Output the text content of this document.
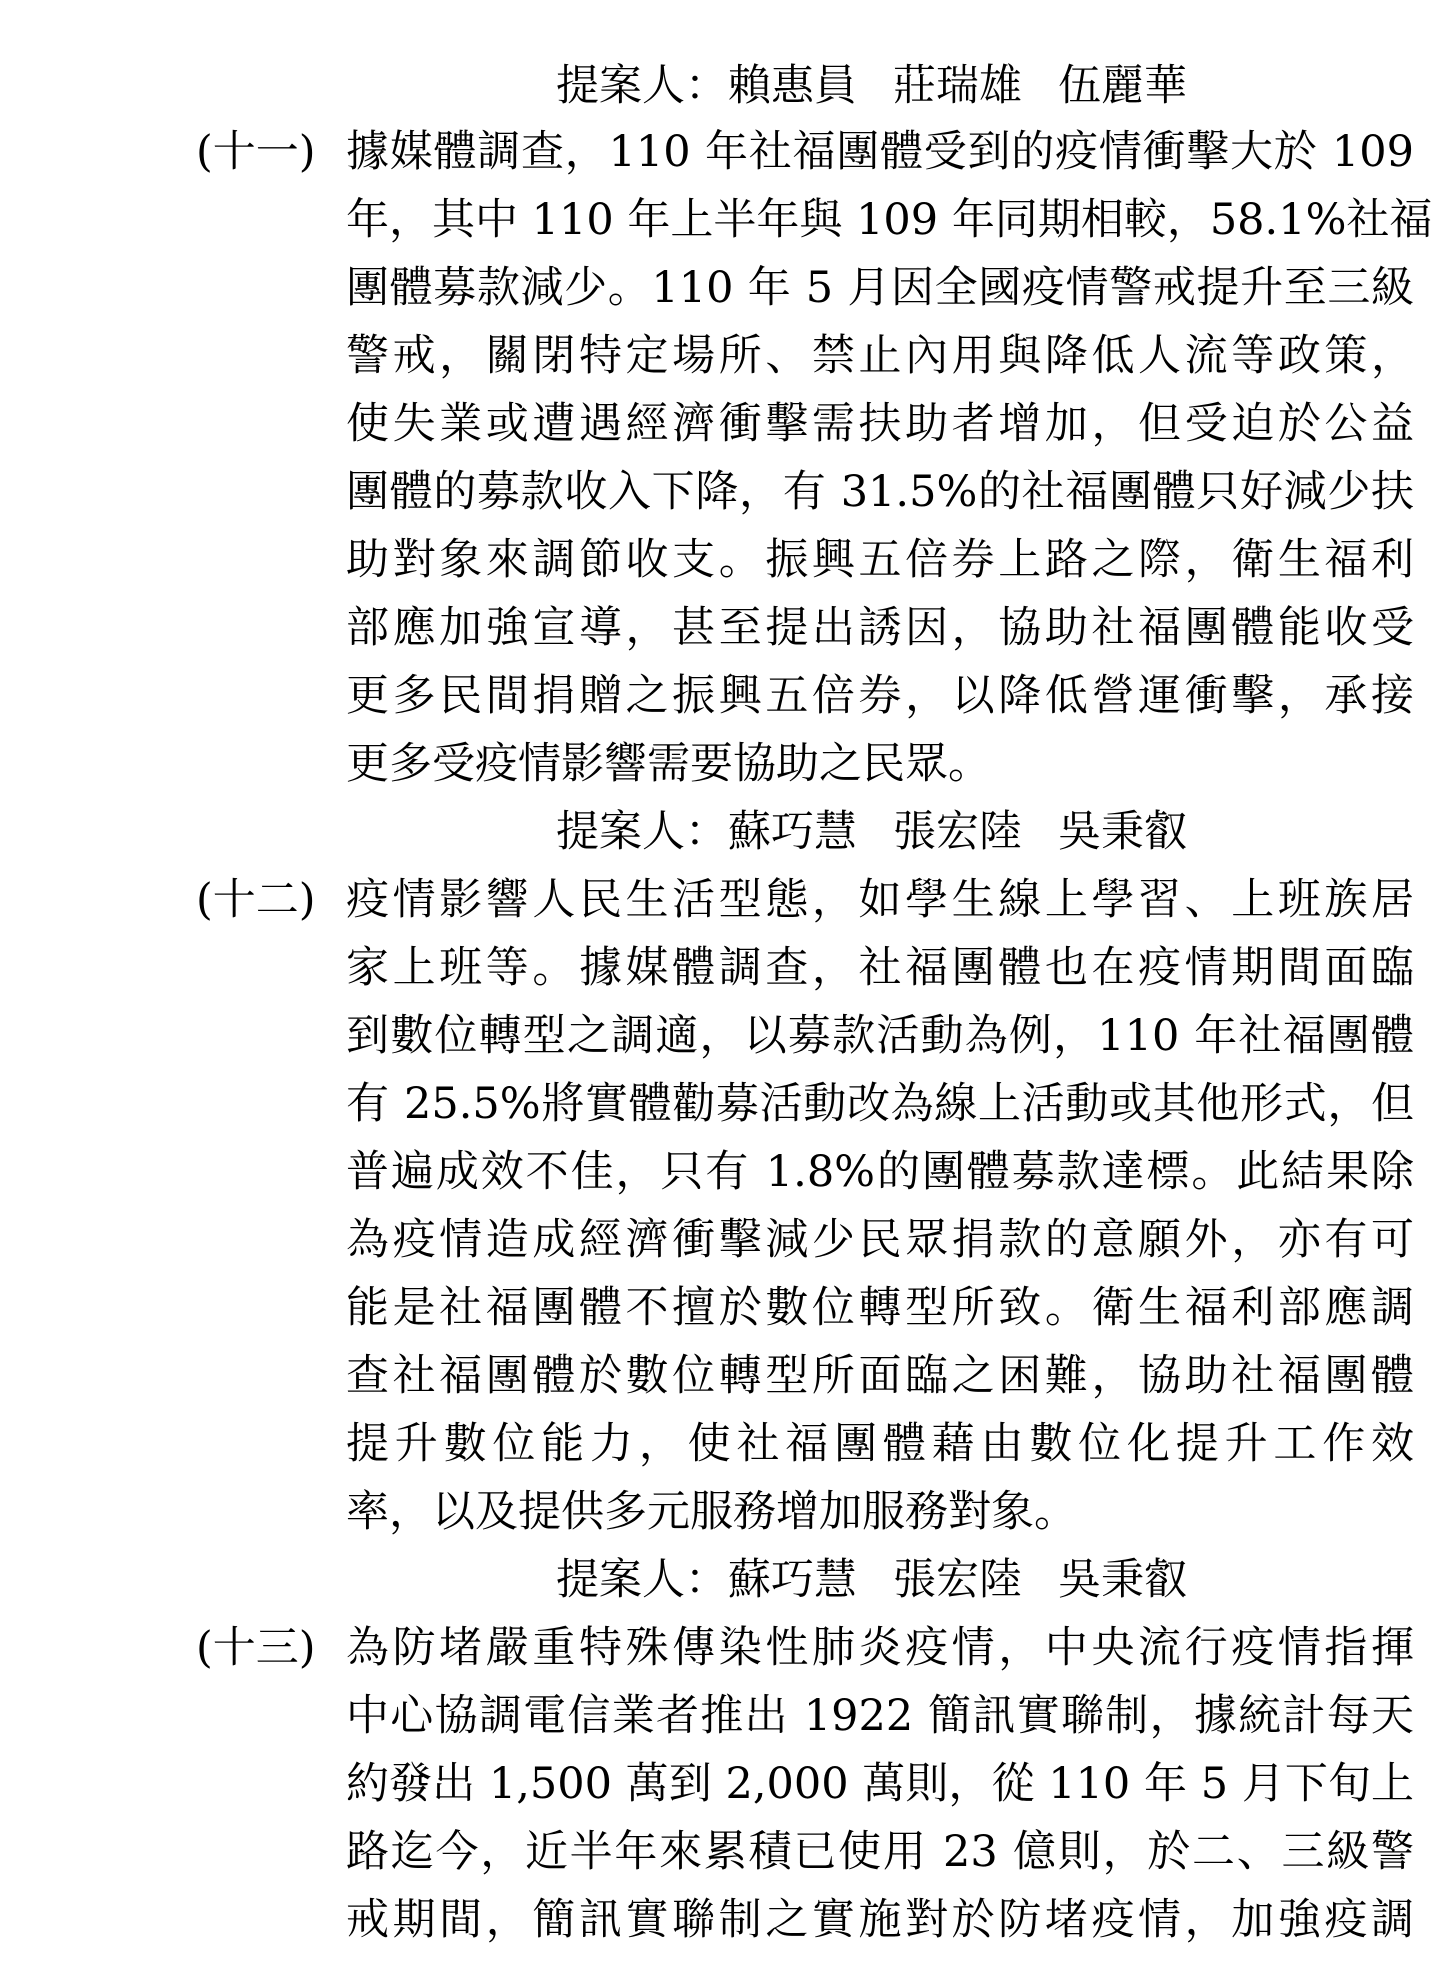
提案人：賴惠員 莊瑞雄 伍麗華
(十一) 據媒體調查，110 年社福團體受到的疫情衝擊大於 109
年，其中 110 年上半年與 109 年同期相較，58.1%社福
團體募款減少。110 年 5 月因全國疫情警戒提升至三級
警戒，關閉特定場所、禁止內用與降低人流等政策，
使失業或遭遇經濟衝擊需扶助者增加，但受迫於公益
團體的募款收入下降，有 31.5%的社福團體只好減少扶
助對象來調節收支。振興五倍券上路之際，衛生福利
部應加強宣導，甚至提出誘因，協助社福團體能收受
更多民間捐贈之振興五倍券，以降低營運衝擊，承接
更多受疫情影響需要協助之民眾。
提案人：蘇巧慧 張宏陸 吳秉叡
(十二) 疫情影響人民生活型態，如學生線上學習、上班族居
家上班等。據媒體調查，社福團體也在疫情期間面臨
到數位轉型之調適，以募款活動為例，110 年社福團體
有 25.5%將實體勸募活動改為線上活動或其他形式，但
普遍成效不佳，只有 1.8%的團體募款達標。此結果除
為疫情造成經濟衝擊減少民眾捐款的意願外，亦有可
能是社福團體不擅於數位轉型所致。衛生福利部應調
查社福團體於數位轉型所面臨之困難，協助社福團體
提升數位能力，使社福團體藉由數位化提升工作效
率，以及提供多元服務增加服務對象。
提案人：蘇巧慧 張宏陸 吳秉叡
(十三) 為防堵嚴重特殊傳染性肺炎疫情，中央流行疫情指揮
中心協調電信業者推出 1922 簡訊實聯制，據統計每天
約發出 1,500 萬到 2,000 萬則，從 110 年 5 月下旬上
路迄今，近半年來累積已使用 23 億則，於二、三級警
戒期間，簡訊實聯制之實施對於防堵疫情，加強疫調
